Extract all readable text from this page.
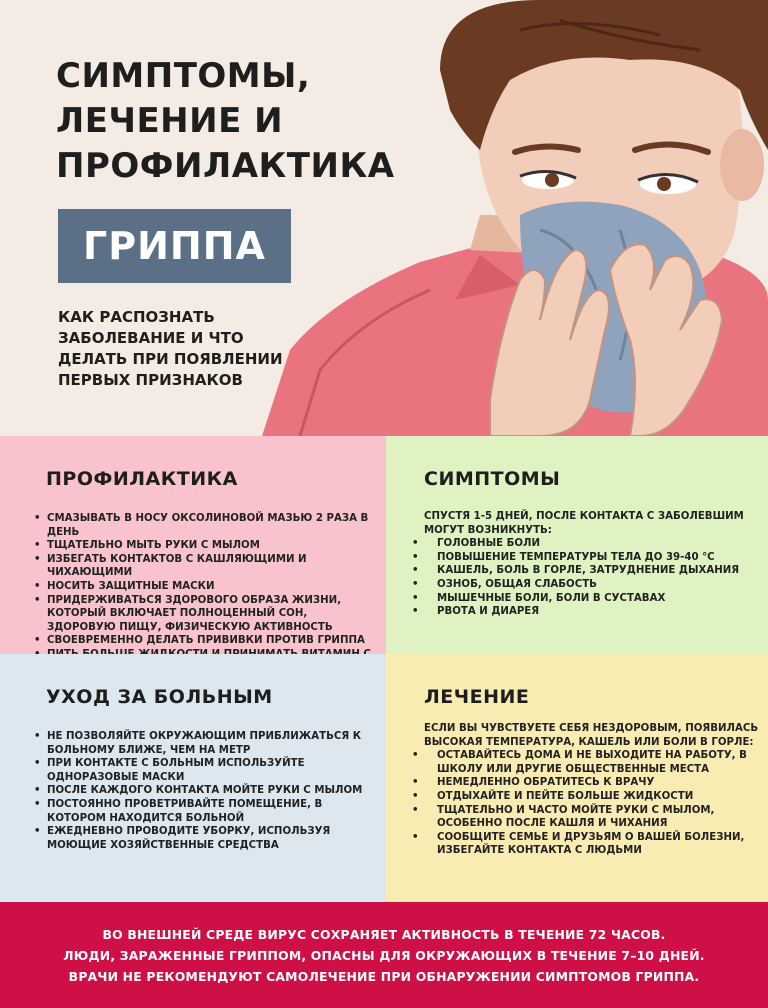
СИМПТОМЫ,
ЛЕЧЕНИЕ И
ПРОФИЛАКТИКА
ГРИППА
КАК РАСПОЗНАТЬ
ЗАБОЛЕВАНИЕ И ЧТО
ДЕЛАТЬ ПРИ ПОЯВЛЕНИИ
ПЕРВЫХ ПРИЗНАКОВ
ПРОФИЛАКТИКА
• СМАЗЫВАТЬ В НОСУ ОКСОЛИНОВОЙ МАЗЬЮ 2 РАЗА В ДЕНЬ
• ТЩАТЕЛЬНО МЫТЬ РУКИ С МЫЛОМ
• ИЗБЕГАТЬ КОНТАКТОВ С КАШЛЯЮЩИМИ И ЧИХАЮЩИМИ
• НОСИТЬ ЗАЩИТНЫЕ МАСКИ
• ПРИДЕРЖИВАТЬСЯ ЗДОРОВОГО ОБРАЗА ЖИЗНИ, КОТОРЫЙ ВКЛЮЧАЕТ ПОЛНОЦЕННЫЙ СОН, ЗДОРОВУЮ ПИЩУ, ФИЗИЧЕСКУЮ АКТИВНОСТЬ
• СВОЕВРЕМЕННО ДЕЛАТЬ ПРИВИВКИ ПРОТИВ ГРИППА
•
СИМПТОМЫ
СПУСТЯ 1-5 ДНЕЙ, ПОСЛЕ КОНТАКТА С ЗАБОЛЕВШИМ МОГУТ ВОЗНИКНУТЬ:
• ГОЛОВНЫЕ БОЛИ
• ПОВЫШЕНИЕ ТЕМПЕРАТУРЫ ТЕЛА ДО 39-40 °С
• КАШЕЛЬ, БОЛЬ В ГОРЛЕ, ЗАТРУДНЕНИЕ ДЫХАНИЯ
• ОЗНОБ, ОБЩАЯ СЛАБОСТЬ
• МЫШЕЧНЫЕ БОЛИ, БОЛИ В СУСТАВАХ
• РВОТА И ДИАРЕЯ
УХОД ЗА БОЛЬНЫМ
• НЕ ПОЗВОЛЯЙТЕ ОКРУЖАЮЩИМ ПРИБЛИЖАТЬСЯ К БОЛЬНОМУ БЛИЖЕ, ЧЕМ НА МЕТР
• ПРИ КОНТАКТЕ С БОЛЬНЫМ ИСПОЛЬЗУЙТЕ ОДНОРАЗОВЫЕ МАСКИ
• ПОСЛЕ КАЖДОГО КОНТАКТА МОЙТЕ РУКИ С МЫЛОМ
• ПОСТОЯННО ПРОВЕТРИВАЙТЕ ПОМЕЩЕНИЕ, В КОТОРОМ НАХОДИТСЯ БОЛЬНОЙ
• ЕЖЕДНЕВНО ПРОВОДИТЕ УБОРКУ, ИСПОЛЬЗУЯ МОЮЩИЕ ХОЗЯЙСТВЕННЫЕ СРЕДСТВА
ЛЕЧЕНИЕ
ЕСЛИ ВЫ ЧУВСТВУЕТЕ СЕБЯ НЕЗДОРОВЫМ, ПОЯВИЛАСЬ ВЫСОКАЯ ТЕМПЕРАТУРА, КАШЕЛЬ ИЛИ БОЛИ В ГОРЛЕ:
• ОСТАВАЙТЕСЬ ДОМА И НЕ ВЫХОДИТЕ НА РАБОТУ, В ШКОЛУ ИЛИ ДРУГИЕ ОБЩЕСТВЕННЫЕ МЕСТА
• НЕМЕДЛЕННО ОБРАТИТЕСЬ К ВРАЧУ
• ОТДЫХАЙТЕ И ПЕЙТЕ БОЛЬШЕ ЖИДКОСТИ
• ТЩАТЕЛЬНО И ЧАСТО МОЙТЕ РУКИ С МЫЛОМ, ОСОБЕННО ПОСЛЕ КАШЛЯ И ЧИХАНИЯ
• СООБЩИТЕ СЕМЬЕ И ДРУЗЬЯМ О ВАШЕЙ БОЛЕЗНИ, ИЗБЕГАЙТЕ КОНТАКТА С ЛЮДЬМИ
ВО ВНЕШНЕЙ СРЕДЕ ВИРУС СОХРАНЯЕТ АКТИВНОСТЬ В ТЕЧЕНИЕ 72 ЧАСОВ.
ЛЮДИ, ЗАРАЖЕННЫЕ ГРИППОМ, ОПАСНЫ ДЛЯ ОКРУЖАЮЩИХ В ТЕЧЕНИЕ 7–10 ДНЕЙ.
ВРАЧИ НЕ РЕКОМЕНДУЮТ САМОЛЕЧЕНИЕ ПРИ ОБНАРУЖЕНИИ СИМПТОМОВ ГРИППА.
